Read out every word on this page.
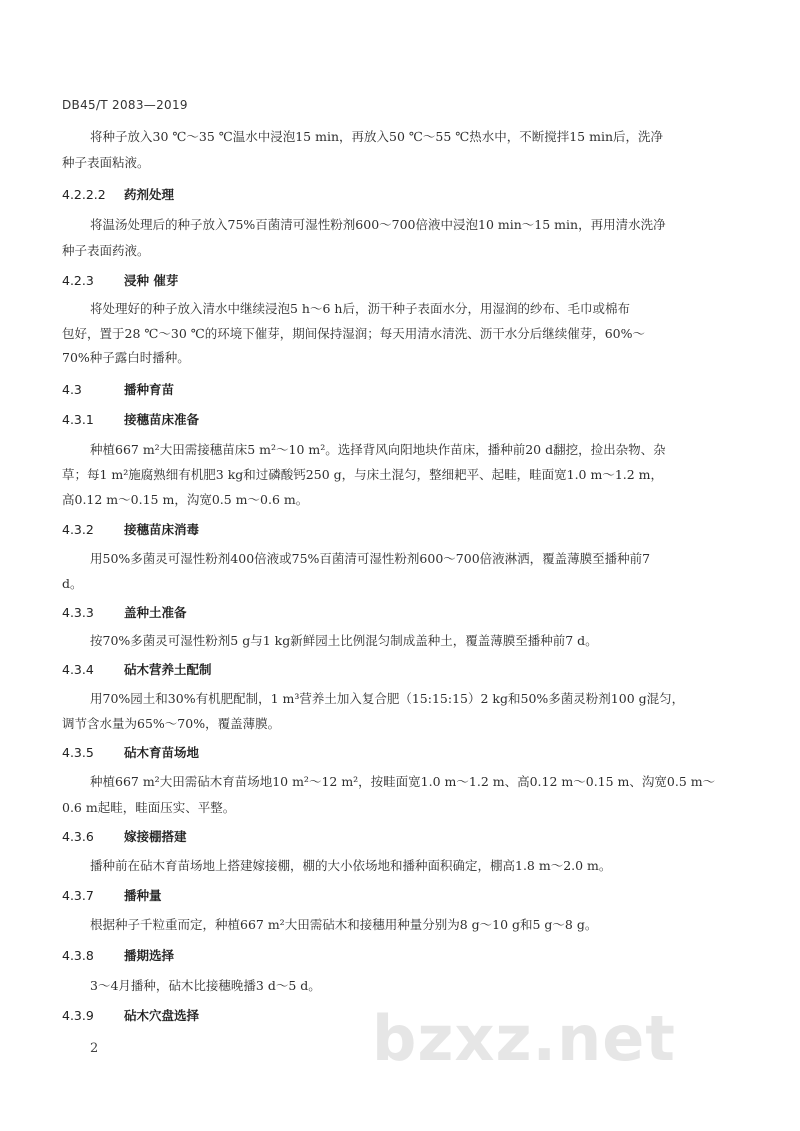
DB45/T 2083—2019
将种子放入30 ℃～35 ℃温水中浸泡15 min，再放入50 ℃～55 ℃热水中，不断搅拌15 min后，洗净
种子表面粘液。
4.2.2.2 药剂处理
将温汤处理后的种子放入75%百菌清可湿性粉剂600～700倍液中浸泡10 min～15 min，再用清水洗净
种子表面药液。
4.2.3 浸种 催芽
将处理好的种子放入清水中继续浸泡5 h～6 h后，沥干种子表面水分，用湿润的纱布、毛巾或棉布
包好，置于28 ℃～30 ℃的环境下催芽，期间保持湿润；每天用清水清洗、沥干水分后继续催芽，60%～
70%种子露白时播种。
4.3	播种育苗
4.3.1 接穗苗床准备
种植667 m²大田需接穗苗床5 m²～10 m²。选择背风向阳地块作苗床，播种前20 d翻挖，捡出杂物、杂
草；每1 m²施腐熟细有机肥3 kg和过磷酸钙250 g，与床土混匀，整细耙平、起畦，畦面宽1.0 m～1.2 m，
高0.12 m～0.15 m，沟宽0.5 m～0.6 m。
4.3.2 接穗苗床消毒
用50%多菌灵可湿性粉剂400倍液或75%百菌清可湿性粉剂600～700倍液淋洒，覆盖薄膜至播种前7
d。
4.3.3 盖种土准备
按70%多菌灵可湿性粉剂5 g与1 kg新鲜园土比例混匀制成盖种土，覆盖薄膜至播种前7 d。
4.3.4 砧木营养土配制
用70%园土和30%有机肥配制，1 m³营养土加入复合肥（15:15:15）2 kg和50%多菌灵粉剂100 g混匀，
调节含水量为65%～70%，覆盖薄膜。
4.3.5 砧木育苗场地
种植667 m²大田需砧木育苗场地10 m²～12 m²，按畦面宽1.0 m～1.2 m、高0.12 m～0.15 m、沟宽0.5 m～
0.6 m起畦，畦面压实、平整。
4.3.6 嫁接棚搭建
播种前在砧木育苗场地上搭建嫁接棚，棚的大小依场地和播种面积确定，棚高1.8 m～2.0 m。
4.3.7 播种量
根据种子千粒重而定，种植667 m²大田需砧木和接穗用种量分别为8 g～10 g和5 g～8 g。
4.3.8 播期选择
3～4月播种，砧木比接穗晚播3 d～5 d。
4.3.9 砧木穴盘选择	bzxz.net
2
